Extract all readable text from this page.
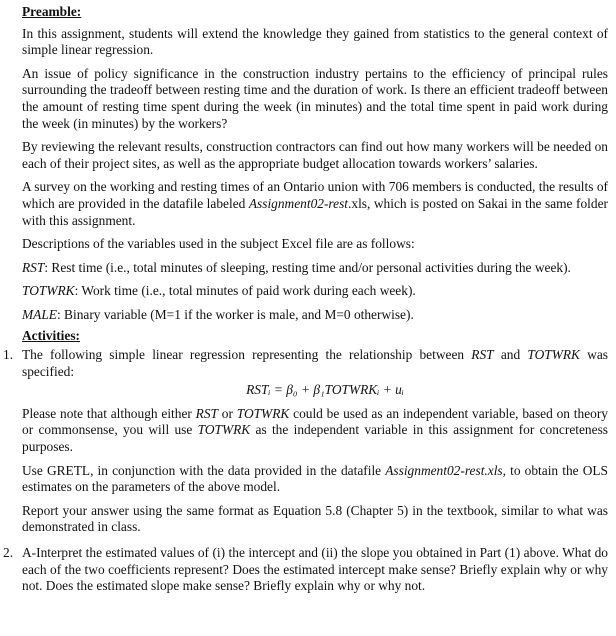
Preamble:

In this assignment, students will extend the knowledge they gained from statistics to the general context of simple linear regression.

An issue of policy significance in the construction industry pertains to the efficiency of principal rules surrounding the tradeoff between resting time and the duration of work. Is there an efficient tradeoff between the amount of resting time spent during the week (in minutes) and the total time spent in paid work during the week (in minutes) by the workers?

By reviewing the relevant results, construction contractors can find out how many workers will be needed on each of their project sites, as well as the appropriate budget allocation towards workers’ salaries.

A survey on the working and resting times of an Ontario union with 706 members is conducted, the results of which are provided in the datafile labeled Assignment02-rest.xls, which is posted on Sakai in the same folder with this assignment.

Descriptions of the variables used in the subject Excel file are as follows:

RST: Rest time (i.e., total minutes of sleeping, resting time and/or personal activities during the week).

TOTWRK: Work time (i.e., total minutes of paid work during each week).

MALE: Binary variable (M=1 if the worker is male, and M=0 otherwise).

Activities:

1. The following simple linear regression representing the relationship between RST and TOTWRK was specified:

RSTᵢ = β₀ + β₁TOTWRKᵢ + uᵢ

Please note that although either RST or TOTWRK could be used as an independent variable, based on theory or commonsense, you will use TOTWRK as the independent variable in this assignment for concreteness purposes.

Use GRETL, in conjunction with the data provided in the datafile Assignment02-rest.xls, to obtain the OLS estimates on the parameters of the above model.

Report your answer using the same format as Equation 5.8 (Chapter 5) in the textbook, similar to what was demonstrated in class.

2. A-Interpret the estimated values of (i) the intercept and (ii) the slope you obtained in Part (1) above. What do each of the two coefficients represent? Does the estimated intercept make sense? Briefly explain why or why not. Does the estimated slope make sense? Briefly explain why or why not.
